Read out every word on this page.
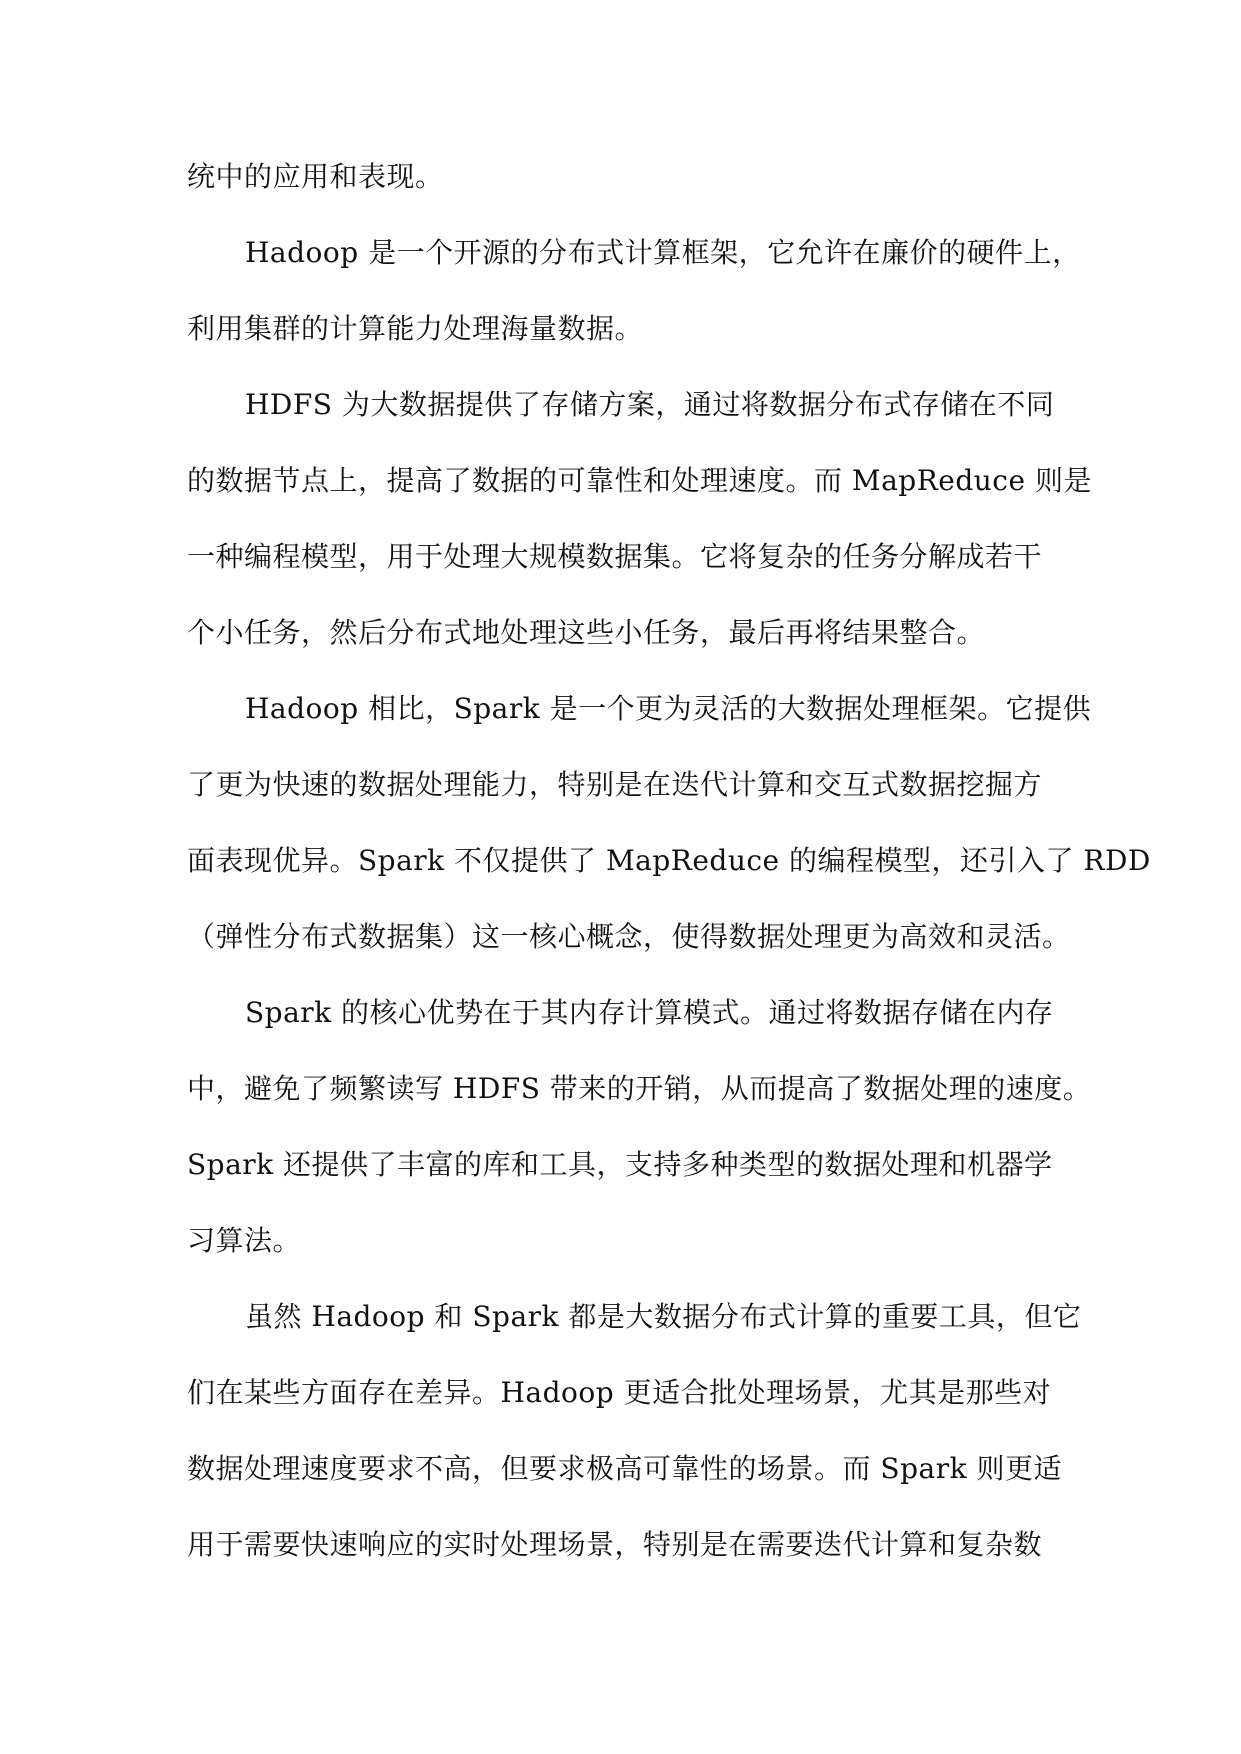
统中的应用和表现。
Hadoop 是一个开源的分布式计算框架，它允许在廉价的硬件上，
利用集群的计算能力处理海量数据。
HDFS 为大数据提供了存储方案，通过将数据分布式存储在不同
的数据节点上，提高了数据的可靠性和处理速度。而 MapReduce 则是
一种编程模型，用于处理大规模数据集。它将复杂的任务分解成若干
个小任务，然后分布式地处理这些小任务，最后再将结果整合。
Hadoop 相比，Spark 是一个更为灵活的大数据处理框架。它提供
了更为快速的数据处理能力，特别是在迭代计算和交互式数据挖掘方
面表现优异。Spark 不仅提供了 MapReduce 的编程模型，还引入了 RDD
（弹性分布式数据集）这一核心概念，使得数据处理更为高效和灵活。
Spark 的核心优势在于其内存计算模式。通过将数据存储在内存
中，避免了频繁读写 HDFS 带来的开销，从而提高了数据处理的速度。
Spark 还提供了丰富的库和工具，支持多种类型的数据处理和机器学
习算法。
虽然 Hadoop 和 Spark 都是大数据分布式计算的重要工具，但它
们在某些方面存在差异。Hadoop 更适合批处理场景，尤其是那些对
数据处理速度要求不高，但要求极高可靠性的场景。而 Spark 则更适
用于需要快速响应的实时处理场景，特别是在需要迭代计算和复杂数
